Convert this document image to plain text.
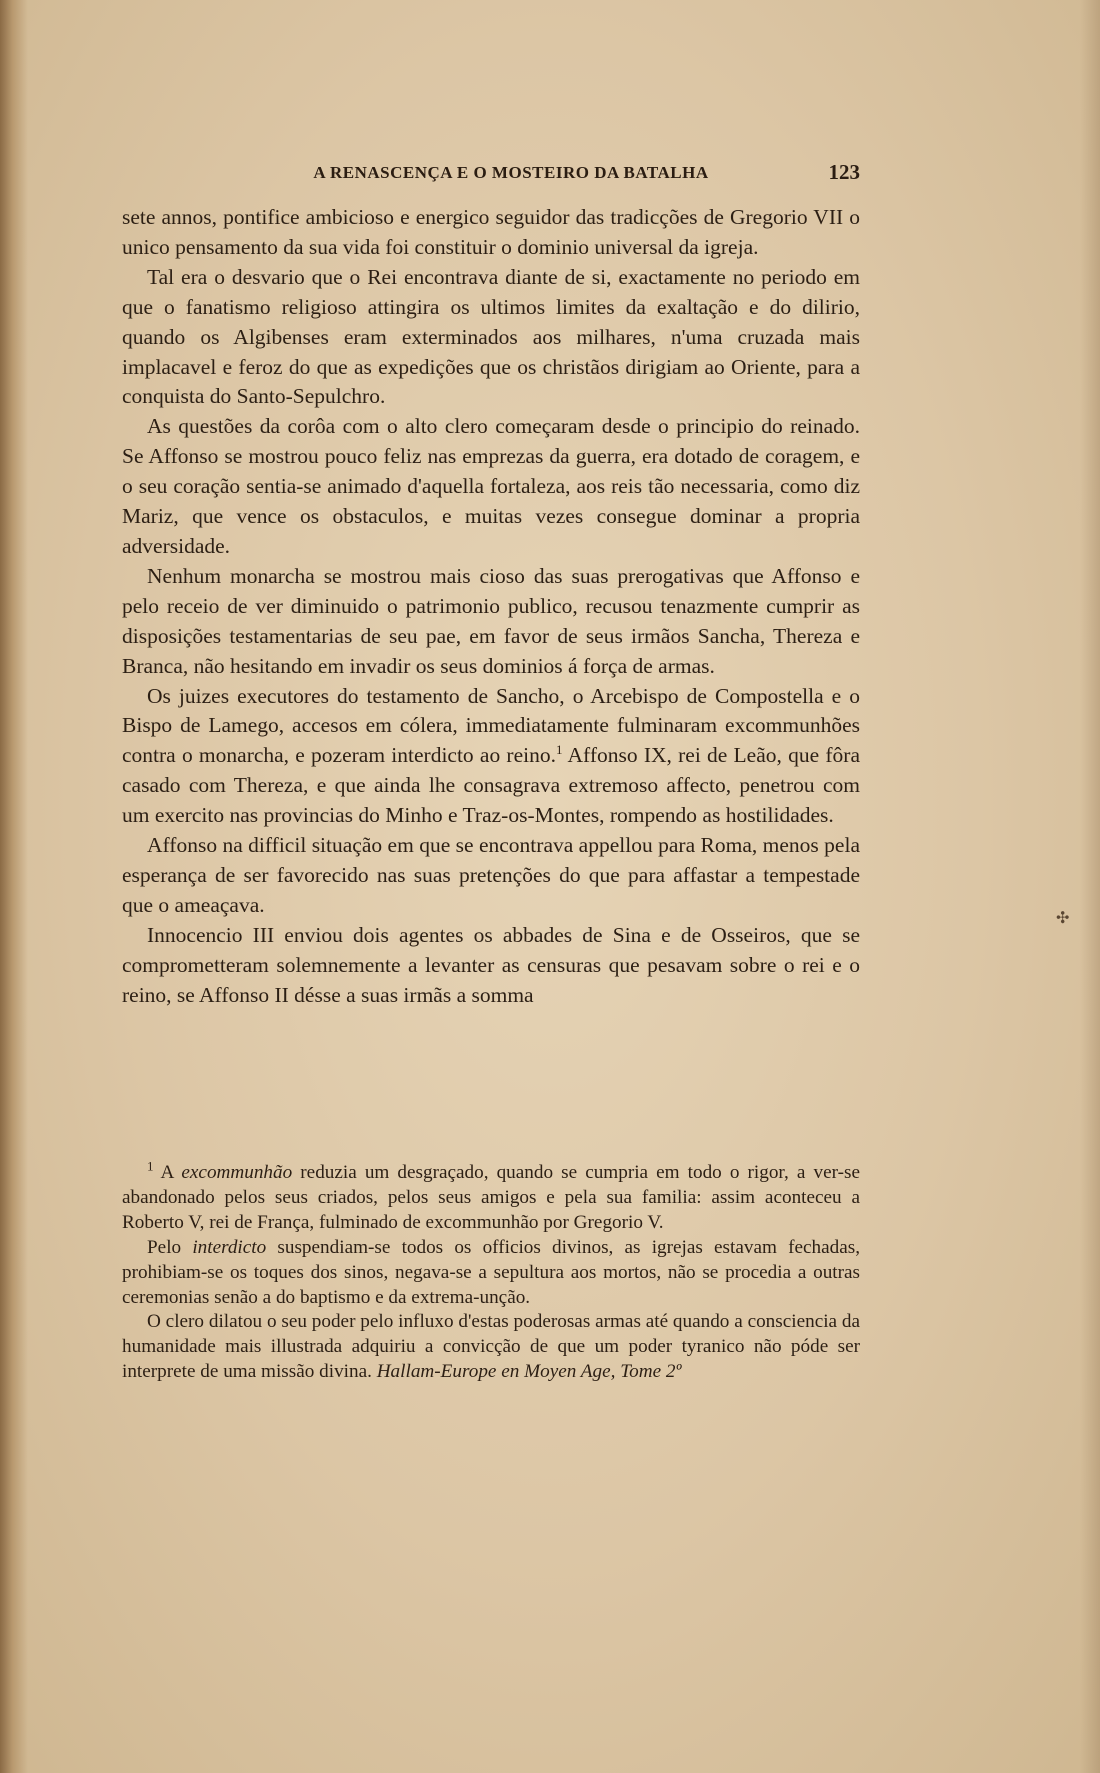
A RENASCENÇA E O MOSTEIRO DA BATALHA	123

sete annos, pontifice ambicioso e energico seguidor das tradicções de Gregorio VII o unico pensamento da sua vida foi constituir o dominio universal da igreja.

Tal era o desvario que o Rei encontrava diante de si, exactamente no periodo em que o fanatismo religioso attingira os ultimos limites da exaltação e do dilirio, quando os Algibenses eram exterminados aos milhares, n'uma cruzada mais implacavel e feroz do que as expedições que os christãos dirigiam ao Oriente, para a conquista do Santo-Sepulchro.

As questões da corôa com o alto clero começaram desde o principio do reinado. Se Affonso se mostrou pouco feliz nas emprezas da guerra, era dotado de coragem, e o seu coração sentia-se animado d'aquella fortaleza, aos reis tão necessaria, como diz Mariz, que vence os obstaculos, e muitas vezes consegue dominar a propria adversidade.

Nenhum monarcha se mostrou mais cioso das suas prerogativas que Affonso e pelo receio de ver diminuido o patrimonio publico, recusou tenazmente cumprir as disposições testamentarias de seu pae, em favor de seus irmãos Sancha, Thereza e Branca, não hesitando em invadir os seus dominios á força de armas.

Os juizes executores do testamento de Sancho, o Arcebispo de Compostella e o Bispo de Lamego, accesos em cólera, immediatamente fulminaram excommunhões contra o monarcha, e pozeram interdicto ao reino.$^1$ Affonso IX, rei de Leão, que fôra casado com Thereza, e que ainda lhe consagrava extremoso affecto, penetrou com um exercito nas provincias do Minho e Traz-os-Montes, rompendo as hostilidades.

Affonso na difficil situação em que se encontrava appellou para Roma, menos pela esperança de ser favorecido nas suas pretenções do que para affastar a tempestade que o ameaçava.

Innocencio III enviou dois agentes os abbades de Sina e de Osseiros, que se comprometteram solemnemente a levanter as censuras que pesavam sobre o rei e o reino, se Affonso II désse a suas irmãs a somma

$^1$ A excommunhão reduzia um desgraçado, quando se cumpria em todo o rigor, a ver-se abandonado pelos seus criados, pelos seus amigos e pela sua familia: assim aconteceu a Roberto V, rei de França, fulminado de excommunhão por Gregorio V.

Pelo interdicto suspendiam-se todos os officios divinos, as igrejas estavam fechadas, prohibiam-se os toques dos sinos, negava-se a sepultura aos mortos, não se procedia a outras ceremonias senão a do baptismo e da extrema-unção.

O clero dilatou o seu poder pelo influxo d'estas poderosas armas até quando a consciencia da humanidade mais illustrada adquiriu a convicção de que um poder tyranico não póde ser interprete de uma missão divina. Hallam-Europe en Moyen Age, Tome 2º

✣
